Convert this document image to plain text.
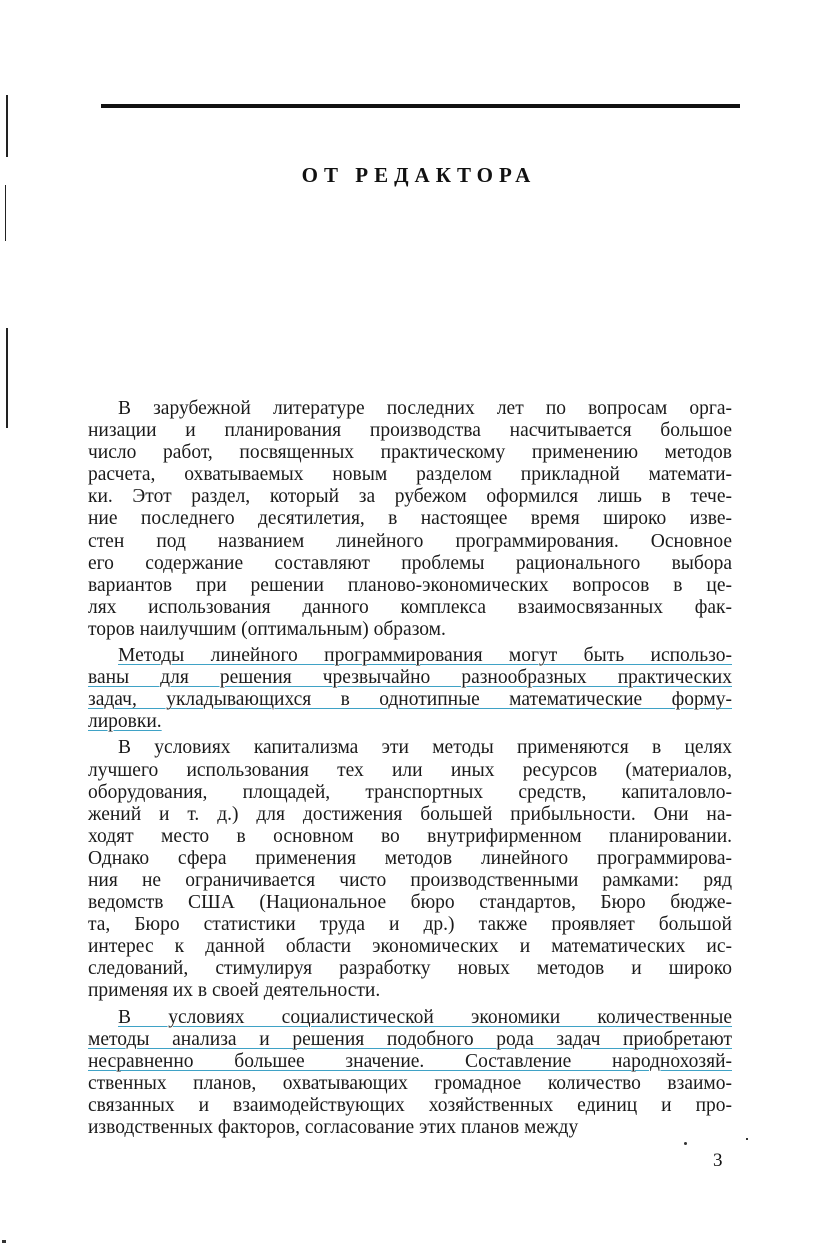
ОТ РЕДАКТОРА
В зарубежной литературе последних лет по вопросам орга-
низации и планирования производства насчитывается большое
число работ, посвященных практическому применению методов
расчета, охватываемых новым разделом прикладной математи-
ки. Этот раздел, который за рубежом оформился лишь в тече-
ние последнего десятилетия, в настоящее время широко изве-
стен под названием линейного программирования. Основное
его содержание составляют проблемы рационального выбора
вариантов при решении планово-экономических вопросов в це-
лях использования данного комплекса взаимосвязанных фак-
торов наилучшим (оптимальным) образом.
Методы линейного программирования могут быть использо-
ваны для решения чрезвычайно разнообразных практических
задач, укладывающихся в однотипные математические форму-
лировки.
В условиях капитализма эти методы применяются в целях
лучшего использования тех или иных ресурсов (материалов,
оборудования, площадей, транспортных средств, капиталовло-
жений и т. д.) для достижения большей прибыльности. Они на-
ходят место в основном во внутрифирменном планировании.
Однако сфера применения методов линейного программирова-
ния не ограничивается чисто производственными рамками: ряд
ведомств США (Национальное бюро стандартов, Бюро бюдже-
та, Бюро статистики труда и др.) также проявляет большой
интерес к данной области экономических и математических ис-
следований, стимулируя разработку новых методов и широко
применяя их в своей деятельности.
В условиях социалистической экономики количественные
методы анализа и решения подобного рода задач приобретают
несравненно большее значение. Составление народнохозяй-
ственных планов, охватывающих громадное количество взаимо-
связанных и взаимодействующих хозяйственных единиц и про-
изводственных факторов, согласование этих планов между
3
